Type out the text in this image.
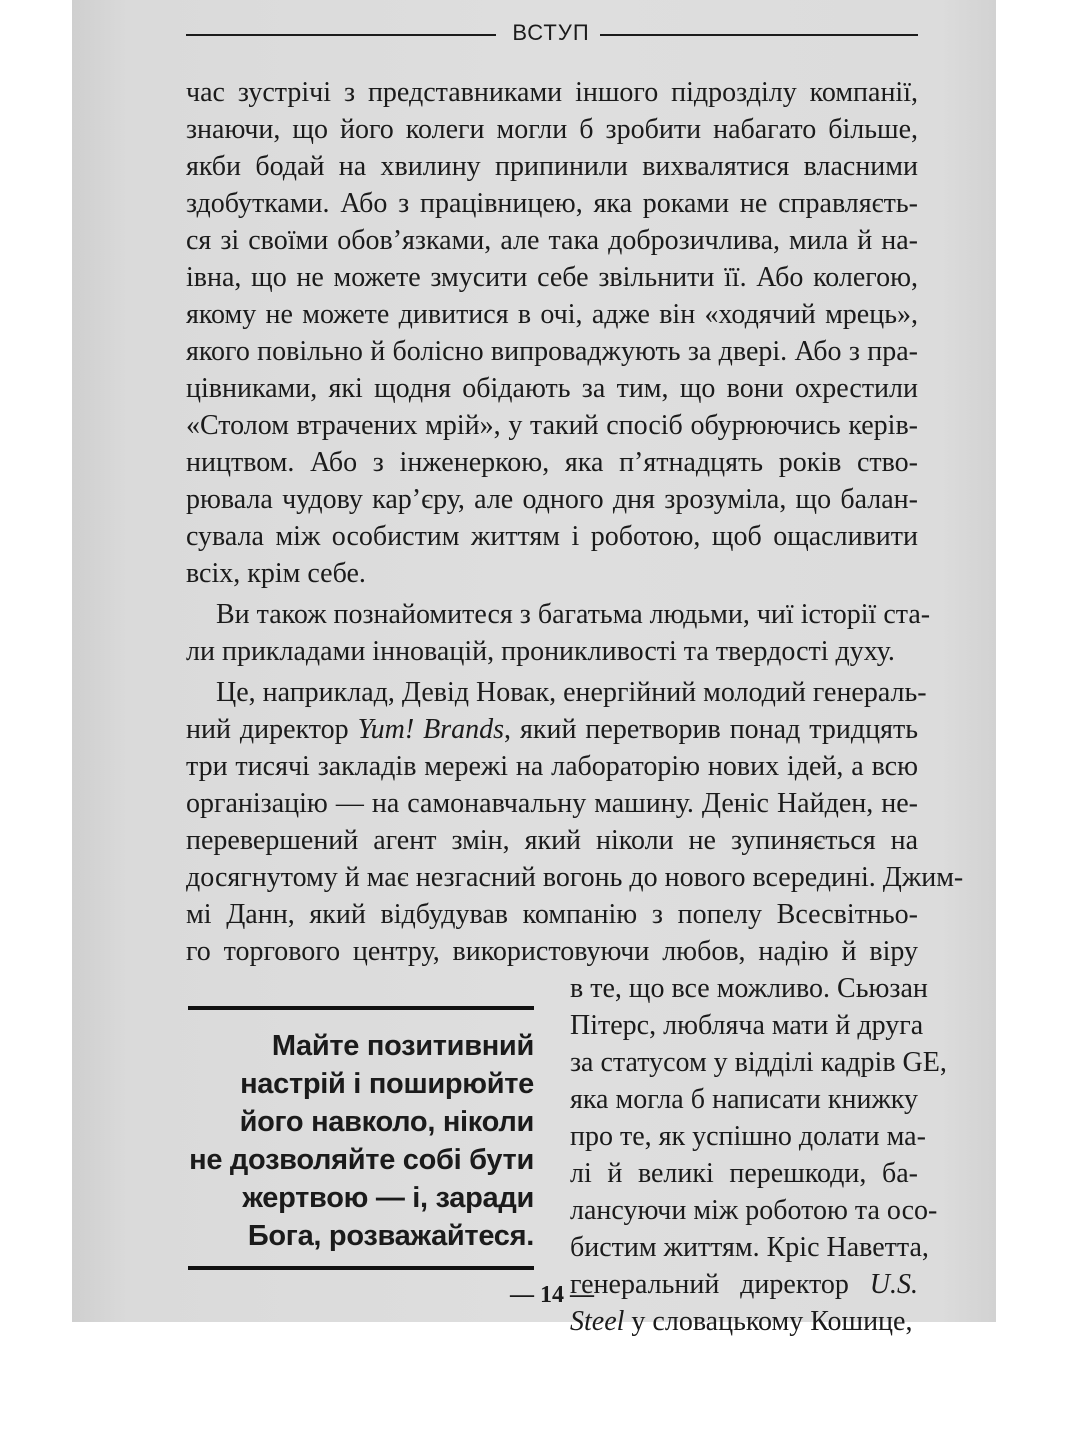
ВСТУП
час зустрічі з представниками іншого підрозділу компанії,
знаючи, що його колеги могли б зробити набагато більше,
якби бодай на хвилину припинили вихвалятися власними
здобутками. Або з працівницею, яка роками не справляєть-
ся зі своїми обов’язками, але така доброзичлива, мила й на-
івна, що не можете змусити себе звільнити її. Або колегою,
якому не можете дивитися в очі, адже він «ходячий мрець»,
якого повільно й болісно випроваджують за двері. Або з пра-
цівниками, які щодня обідають за тим, що вони охрестили
«Столом втрачених мрій», у такий спосіб обурюючись керів-
ництвом. Або з інженеркою, яка п’ятнадцять років ство-
рювала чудову кар’єру, але одного дня зрозуміла, що балан-
сувала між особистим життям і роботою, щоб ощасливити
всіх, крім себе.
Ви також познайомитеся з багатьма людьми, чиї історії ста-
ли прикладами інновацій, проникливості та твердості духу.
Це, наприклад, Девід Новак, енергійний молодий генераль-
ний директор Yum! Brands, який перетворив понад тридцять
три тисячі закладів мережі на лабораторію нових ідей, а всю
організацію — на самонавчальну машину. Деніс Найден, не-
перевершений агент змін, який ніколи не зупиняється на
досягнутому й має незгасний вогонь до нового всередині. Джим-
мі Данн, який відбудував компанію з попелу Всесвітньо-
го торгового центру, використовуючи любов, надію й віру
в те, що все можливо. Сьюзан
Пітерс, любляча мати й друга
за статусом у відділі кадрів GE,
яка могла б написати книжку
про те, як успішно долати ма-
лі й великі перешкоди, ба-
лансуючи між роботою та осо-
бистим життям. Кріс Наветта,
генеральний директор U.S.
Steel у словацькому Кошице,
Майте позитивний
настрій і поширюйте
його навколо, ніколи
не дозволяйте собі бути
жертвою — і, заради
Бога, розважайтеся.
— 14 —
